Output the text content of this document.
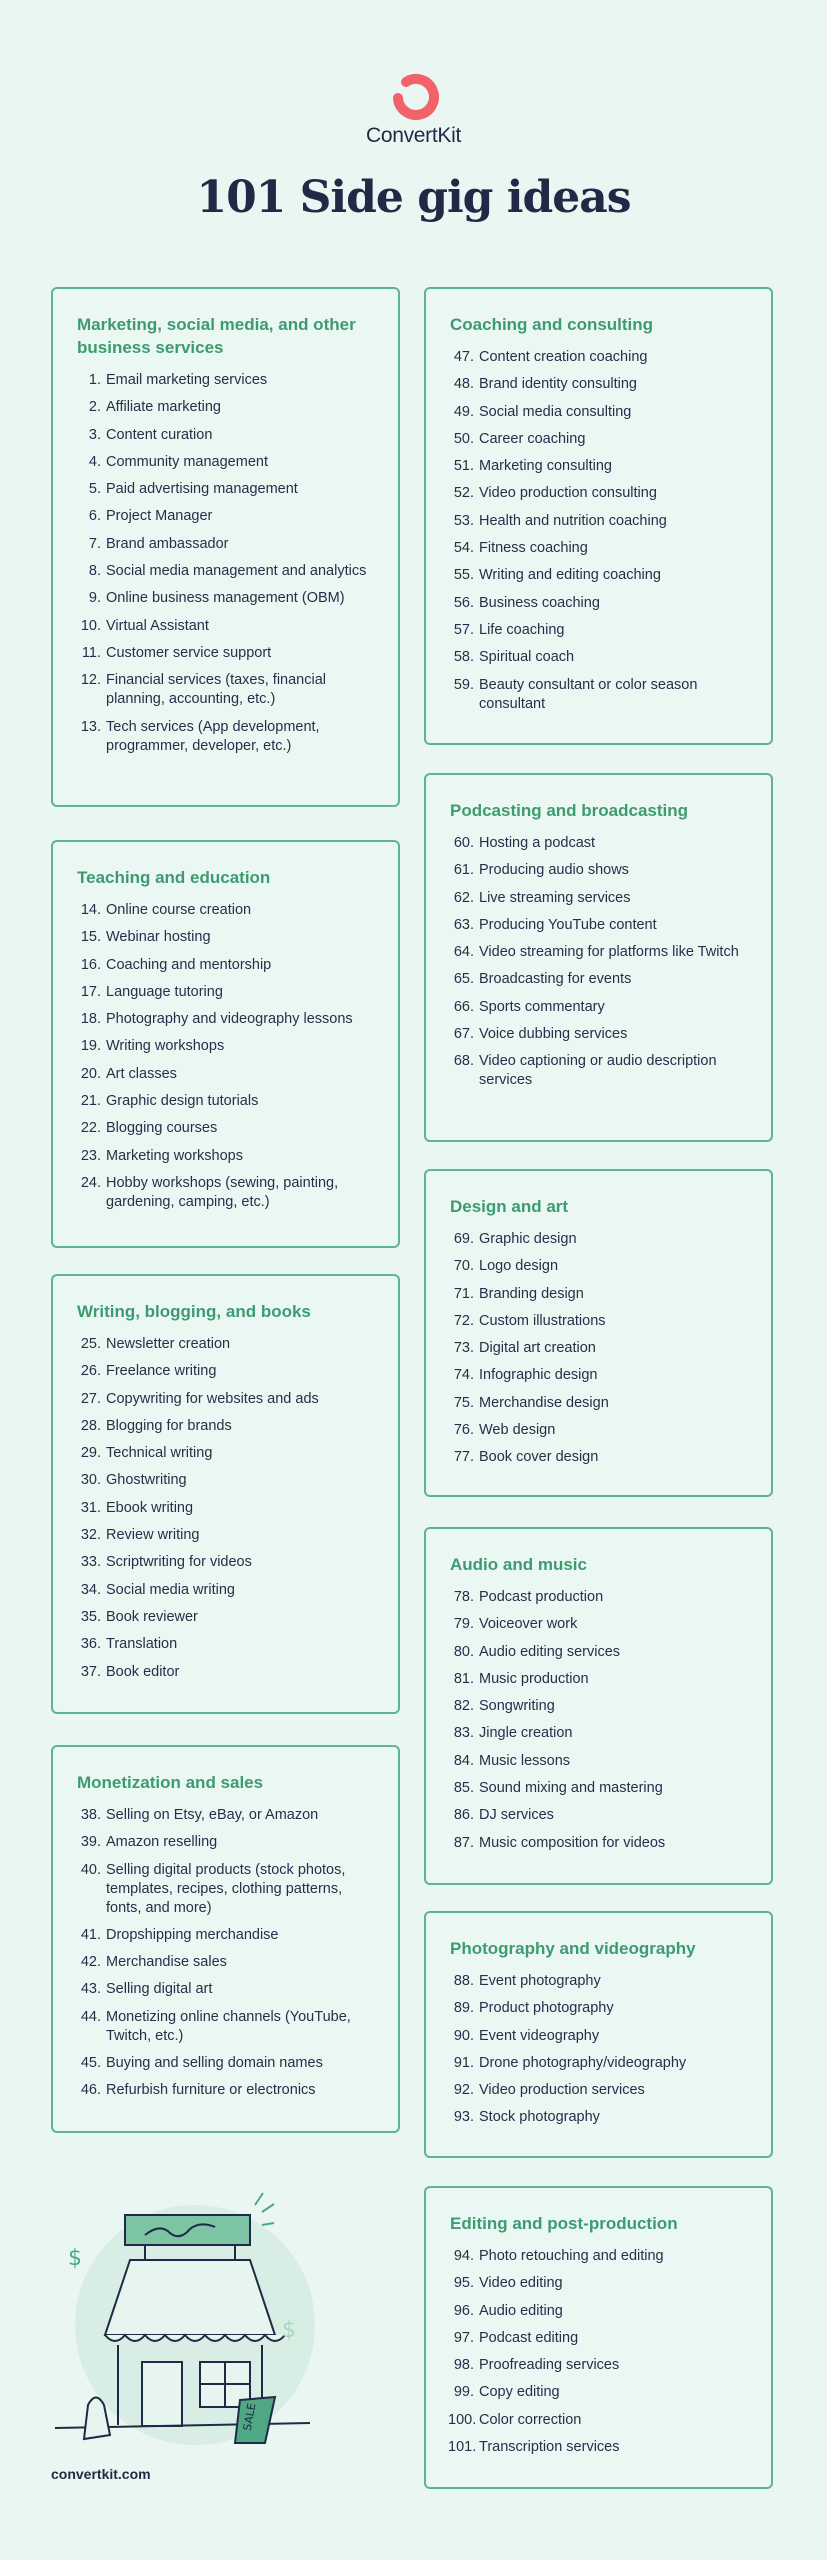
ConvertKit
101 Side gig ideas
Marketing, social media, and other business services
1. Email marketing services
2. Affiliate marketing
3. Content curation
4. Community management
5. Paid advertising management
6. Project Manager
7. Brand ambassador
8. Social media management and analytics
9. Online business management (OBM)
10. Virtual Assistant
11. Customer service support
12. Financial services (taxes, financial planning, accounting, etc.)
13. Tech services (App development, programmer, developer, etc.)
Teaching and education
14. Online course creation
15. Webinar hosting
16. Coaching and mentorship
17. Language tutoring
18. Photography and videography lessons
19. Writing workshops
20. Art classes
21. Graphic design tutorials
22. Blogging courses
23. Marketing workshops
24. Hobby workshops (sewing, painting, gardening, camping, etc.)
Writing, blogging, and books
25. Newsletter creation
26. Freelance writing
27. Copywriting for websites and ads
28. Blogging for brands
29. Technical writing
30. Ghostwriting
31. Ebook writing
32. Review writing
33. Scriptwriting for videos
34. Social media writing
35. Book reviewer
36. Translation
37. Book editor
Monetization and sales
38. Selling on Etsy, eBay, or Amazon
39. Amazon reselling
40. Selling digital products (stock photos, templates, recipes, clothing patterns, fonts, and more)
41. Dropshipping merchandise
42. Merchandise sales
43. Selling digital art
44. Monetizing online channels (YouTube, Twitch, etc.)
45. Buying and selling domain names
46. Refurbish furniture or electronics
Coaching and consulting
47. Content creation coaching
48. Brand identity consulting
49. Social media consulting
50. Career coaching
51. Marketing consulting
52. Video production consulting
53. Health and nutrition coaching
54. Fitness coaching
55. Writing and editing coaching
56. Business coaching
57. Life coaching
58. Spiritual coach
59. Beauty consultant or color season consultant
Podcasting and broadcasting
60. Hosting a podcast
61. Producing audio shows
62. Live streaming services
63. Producing YouTube content
64. Video streaming for platforms like Twitch
65. Broadcasting for events
66. Sports commentary
67. Voice dubbing services
68. Video captioning or audio description services
Design and art
69. Graphic design
70. Logo design
71. Branding design
72. Custom illustrations
73. Digital art creation
74. Infographic design
75. Merchandise design
76. Web design
77. Book cover design
Audio and music
78. Podcast production
79. Voiceover work
80. Audio editing services
81. Music production
82. Songwriting
83. Jingle creation
84. Music lessons
85. Sound mixing and mastering
86. DJ services
87. Music composition for videos
Photography and videography
88. Event photography
89. Product photography
90. Event videography
91. Drone photography/videography
92. Video production services
93. Stock photography
Editing and post-production
94. Photo retouching and editing
95. Video editing
96. Audio editing
97. Podcast editing
98. Proofreading services
99. Copy editing
100. Color correction
101. Transcription services
SALE
$
$
convertkit.com
